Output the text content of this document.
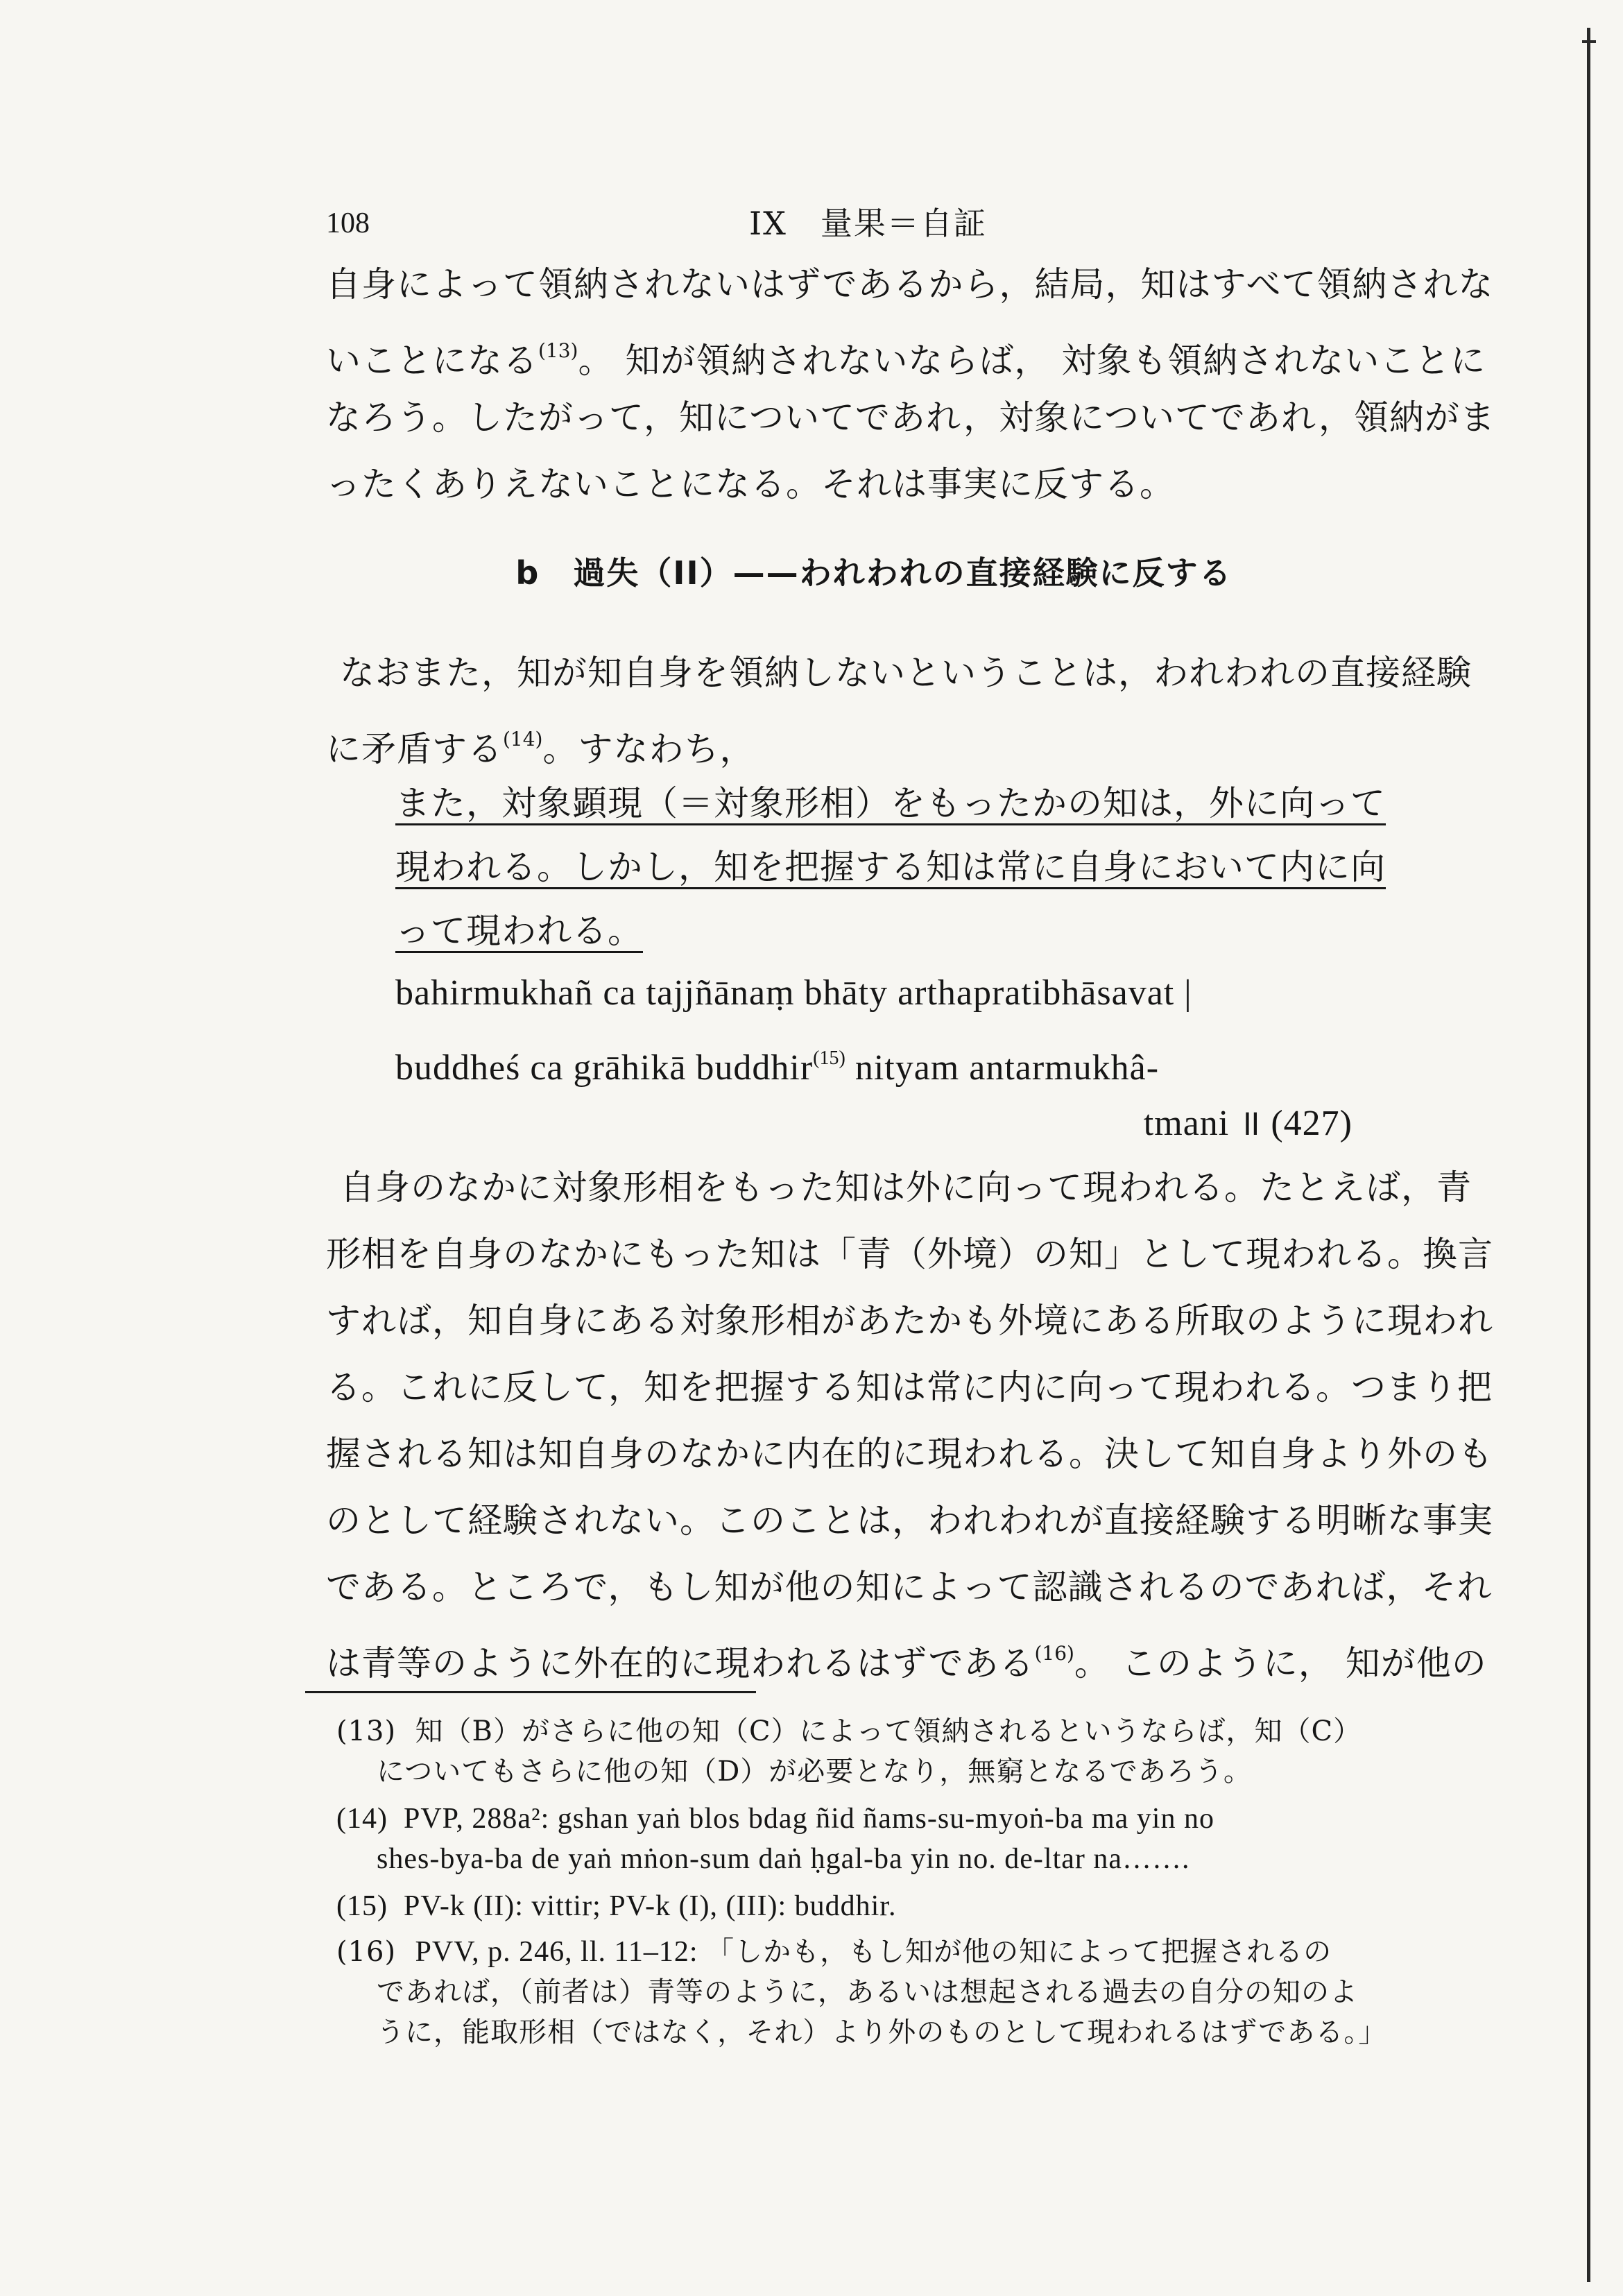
108	IX　量果＝自証
自身によって領納されないはずであるから，結局，知はすべて領納されな
いことになる$^{(13)}$。 知が領納されないならば， 対象も領納されないことに
なろう。したがって，知についてであれ，対象についてであれ，領納がま
ったくありえないことになる。それは事実に反する。
b　過失（II）——われわれの直接経験に反する
なおまた，知が知自身を領納しないということは，われわれの直接経験
に矛盾する$^{(14)}$。すなわち，
また，対象顕現（＝対象形相）をもったかの知は，外に向って
現われる。しかし，知を把握する知は常に自身において内に向
って現われる。
bahirmukhañ ca tajjñānaṃ bhāty arthapratibhāsavat |
buddheś ca grāhikā buddhir$^{(15)}$ nityam antarmukhâ-
tmani ॥ (427)
自身のなかに対象形相をもった知は外に向って現われる。たとえば，青
形相を自身のなかにもった知は「青（外境）の知」として現われる。換言
すれば，知自身にある対象形相があたかも外境にある所取のように現われ
る。これに反して，知を把握する知は常に内に向って現われる。つまり把
握される知は知自身のなかに内在的に現われる。決して知自身より外のも
のとして経験されない。このことは，われわれが直接経験する明晰な事実
である。ところで，もし知が他の知によって認識されるのであれば，それ
は青等のように外在的に現われるはずである$^{(16)}$。 このように， 知が他の
(13) 知（B）がさらに他の知（C）によって領納されるというならば，知（C）
についてもさらに他の知（D）が必要となり，無窮となるであろう。
(14) PVP, 288a²: gshan yaṅ blos bdag ñid ñams-su-myoṅ-ba ma yin no
shes-bya-ba de yaṅ mṅon-sum daṅ ḥgal-ba yin no. de-ltar na…….
(15) PV-k (II): vittir; PV-k (I), (III): buddhir.
(16) PVV, p. 246, ll. 11–12: 「しかも，もし知が他の知によって把握されるの
であれば，（前者は）青等のように，あるいは想起される過去の自分の知のよ
うに，能取形相（ではなく，それ）より外のものとして現われるはずである。」
